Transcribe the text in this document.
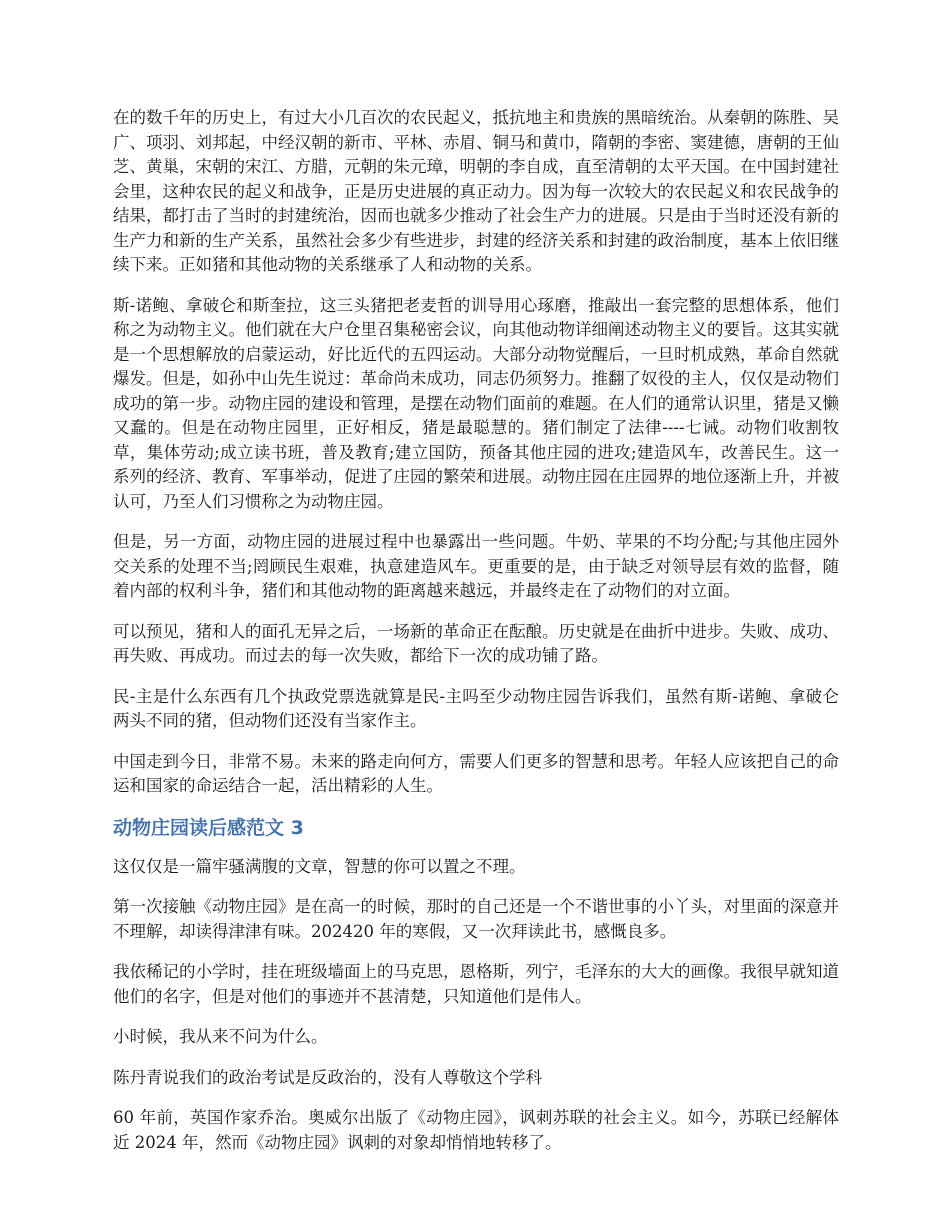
在的数千年的历史上，有过大小几百次的农民起义，抵抗地主和贵族的黑暗统治。从秦朝的陈胜、吴广、项羽、刘邦起，中经汉朝的新市、平林、赤眉、铜马和黄巾，隋朝的李密、窦建德，唐朝的王仙芝、黄巢，宋朝的宋江、方腊，元朝的朱元璋，明朝的李自成，直至清朝的太平天国。在中国封建社会里，这种农民的起义和战争，正是历史进展的真正动力。因为每一次较大的农民起义和农民战争的结果，都打击了当时的封建统治，因而也就多少推动了社会生产力的进展。只是由于当时还没有新的生产力和新的生产关系，虽然社会多少有些进步，封建的经济关系和封建的政治制度，基本上依旧继续下来。正如猪和其他动物的关系继承了人和动物的关系。

斯-诺鲍、拿破仑和斯奎拉，这三头猪把老麦哲的训导用心琢磨，推敲出一套完整的思想体系，他们称之为动物主义。他们就在大户仓里召集秘密会议，向其他动物详细阐述动物主义的要旨。这其实就是一个思想解放的启蒙运动，好比近代的五四运动。大部分动物觉醒后，一旦时机成熟，革命自然就爆发。但是，如孙中山先生说过：革命尚未成功，同志仍须努力。推翻了奴役的主人，仅仅是动物们成功的第一步。动物庄园的建设和管理，是摆在动物们面前的难题。在人们的通常认识里，猪是又懒又蠢的。但是在动物庄园里，正好相反，猪是最聪慧的。猪们制定了法律----七诫。动物们收割牧草，集体劳动;成立读书班，普及教育;建立国防，预备其他庄园的进攻;建造风车，改善民生。这一系列的经济、教育、军事举动，促进了庄园的繁荣和进展。动物庄园在庄园界的地位逐渐上升，并被认可，乃至人们习惯称之为动物庄园。

但是，另一方面，动物庄园的进展过程中也暴露出一些问题。牛奶、苹果的不均分配;与其他庄园外交关系的处理不当;罔顾民生艰难，执意建造风车。更重要的是，由于缺乏对领导层有效的监督，随着内部的权利斗争，猪们和其他动物的距离越来越远，并最终走在了动物们的对立面。

可以预见，猪和人的面孔无异之后，一场新的革命正在酝酿。历史就是在曲折中进步。失败、成功、再失败、再成功。而过去的每一次失败，都给下一次的成功铺了路。

民-主是什么东西有几个执政党票选就算是民-主吗至少动物庄园告诉我们，虽然有斯-诺鲍、拿破仑两头不同的猪，但动物们还没有当家作主。

中国走到今日，非常不易。未来的路走向何方，需要人们更多的智慧和思考。年轻人应该把自己的命运和国家的命运结合一起，活出精彩的人生。

动物庄园读后感范文 3

这仅仅是一篇牢骚满腹的文章，智慧的你可以置之不理。

第一次接触《动物庄园》是在高一的时候，那时的自己还是一个不谐世事的小丫头，对里面的深意并不理解，却读得津津有味。202420 年的寒假，又一次拜读此书，感慨良多。

我依稀记的小学时，挂在班级墙面上的马克思，恩格斯，列宁，毛泽东的大大的画像。我很早就知道他们的名字，但是对他们的事迹并不甚清楚，只知道他们是伟人。

小时候，我从来不问为什么。

陈丹青说我们的政治考试是反政治的，没有人尊敬这个学科

60 年前，英国作家乔治。奥威尔出版了《动物庄园》，讽刺苏联的社会主义。如今，苏联已经解体近 2024 年，然而《动物庄园》讽刺的对象却悄悄地转移了。
